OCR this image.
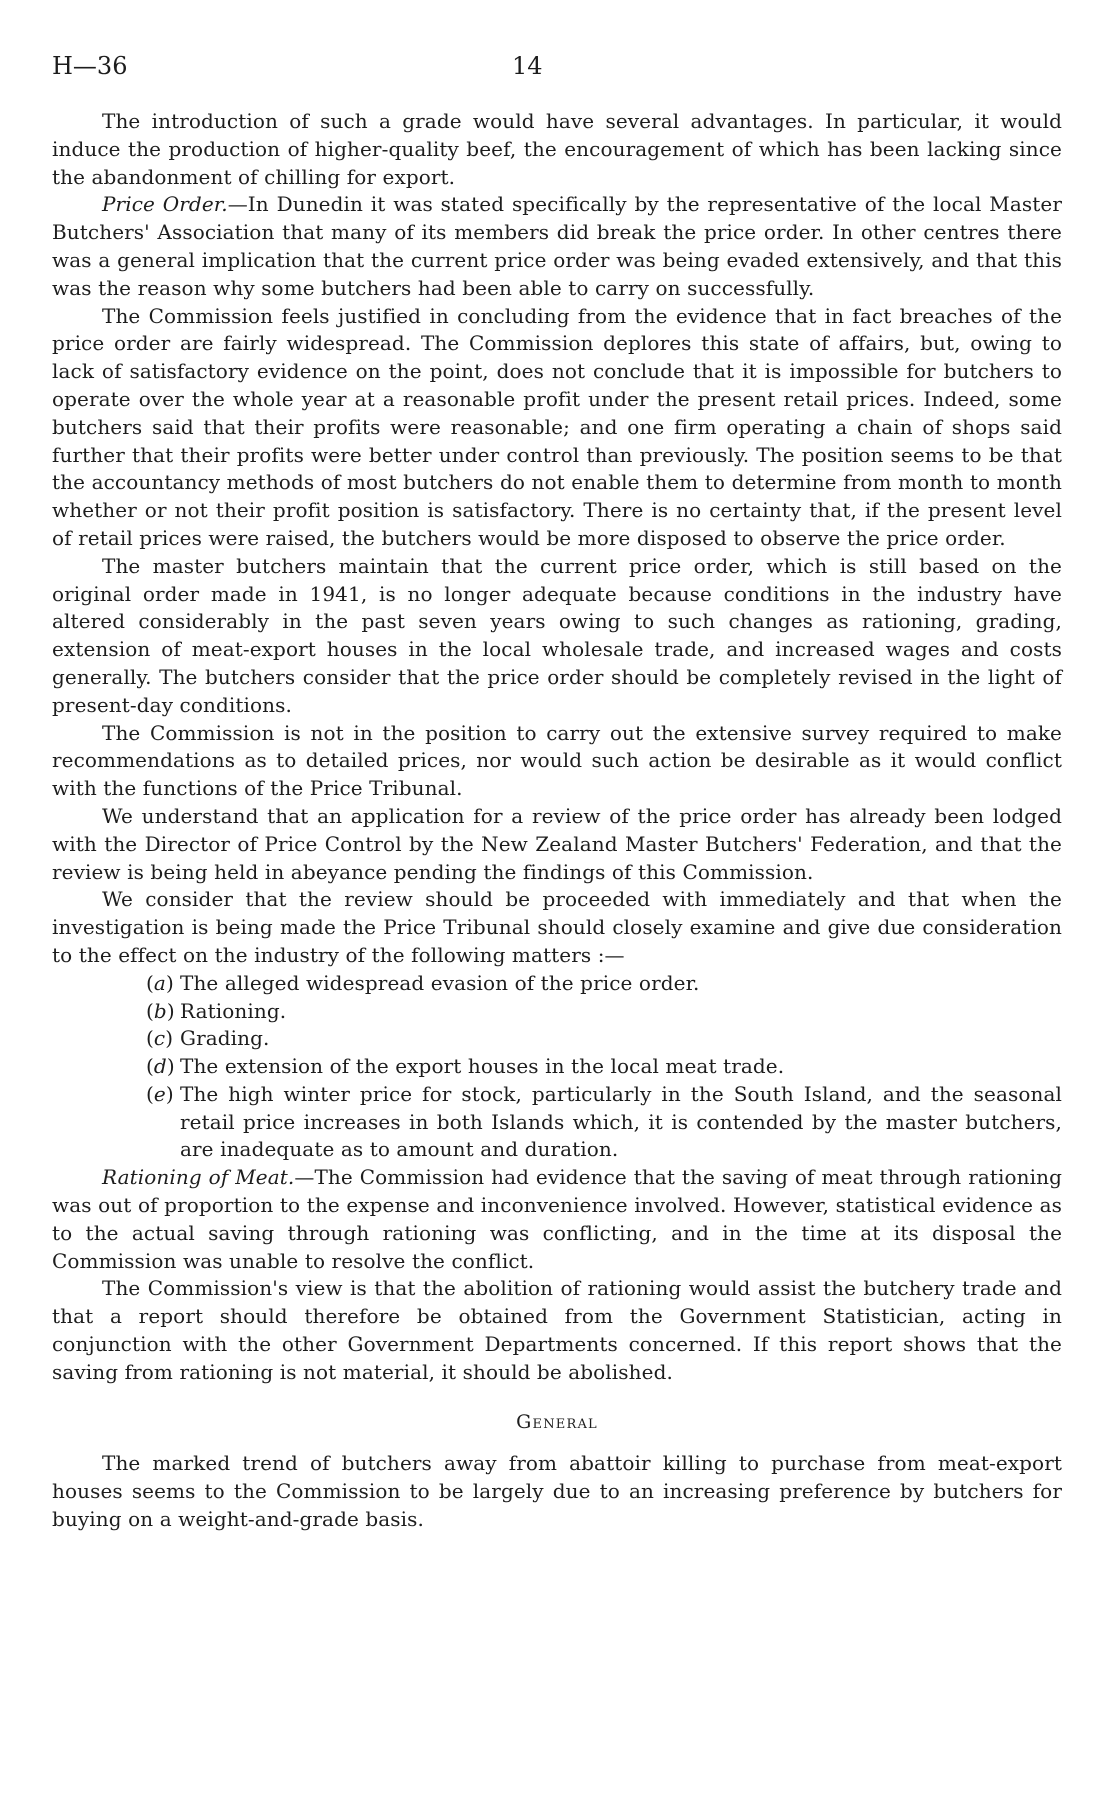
H—36	14

The introduction of such a grade would have several advantages. In particular, it would induce the production of higher-quality beef, the encouragement of which has been lacking since the abandonment of chilling for export.

Price Order.—In Dunedin it was stated specifically by the representative of the local Master Butchers' Association that many of its members did break the price order. In other centres there was a general implication that the current price order was being evaded extensively, and that this was the reason why some butchers had been able to carry on successfully.

The Commission feels justified in concluding from the evidence that in fact breaches of the price order are fairly widespread. The Commission deplores this state of affairs, but, owing to lack of satisfactory evidence on the point, does not conclude that it is impossible for butchers to operate over the whole year at a reasonable profit under the present retail prices. Indeed, some butchers said that their profits were reasonable; and one firm operating a chain of shops said further that their profits were better under control than previously. The position seems to be that the accountancy methods of most butchers do not enable them to determine from month to month whether or not their profit position is satisfactory. There is no certainty that, if the present level of retail prices were raised, the butchers would be more disposed to observe the price order.

The master butchers maintain that the current price order, which is still based on the original order made in 1941, is no longer adequate because conditions in the industry have altered considerably in the past seven years owing to such changes as rationing, grading, extension of meat-export houses in the local wholesale trade, and increased wages and costs generally. The butchers consider that the price order should be completely revised in the light of present-day conditions.

The Commission is not in the position to carry out the extensive survey required to make recommendations as to detailed prices, nor would such action be desirable as it would conflict with the functions of the Price Tribunal.

We understand that an application for a review of the price order has already been lodged with the Director of Price Control by the New Zealand Master Butchers' Federation, and that the review is being held in abeyance pending the findings of this Commission.

We consider that the review should be proceeded with immediately and that when the investigation is being made the Price Tribunal should closely examine and give due consideration to the effect on the industry of the following matters :—

(a) The alleged widespread evasion of the price order.
(b) Rationing.
(c) Grading.
(d) The extension of the export houses in the local meat trade.
(e) The high winter price for stock, particularly in the South Island, and the seasonal retail price increases in both Islands which, it is contended by the master butchers, are inadequate as to amount and duration.

Rationing of Meat.—The Commission had evidence that the saving of meat through rationing was out of proportion to the expense and inconvenience involved. However, statistical evidence as to the actual saving through rationing was conflicting, and in the time at its disposal the Commission was unable to resolve the conflict.

The Commission's view is that the abolition of rationing would assist the butchery trade and that a report should therefore be obtained from the Government Statistician, acting in conjunction with the other Government Departments concerned. If this report shows that the saving from rationing is not material, it should be abolished.

General

The marked trend of butchers away from abattoir killing to purchase from meat-export houses seems to the Commission to be largely due to an increasing preference by butchers for buying on a weight-and-grade basis.
